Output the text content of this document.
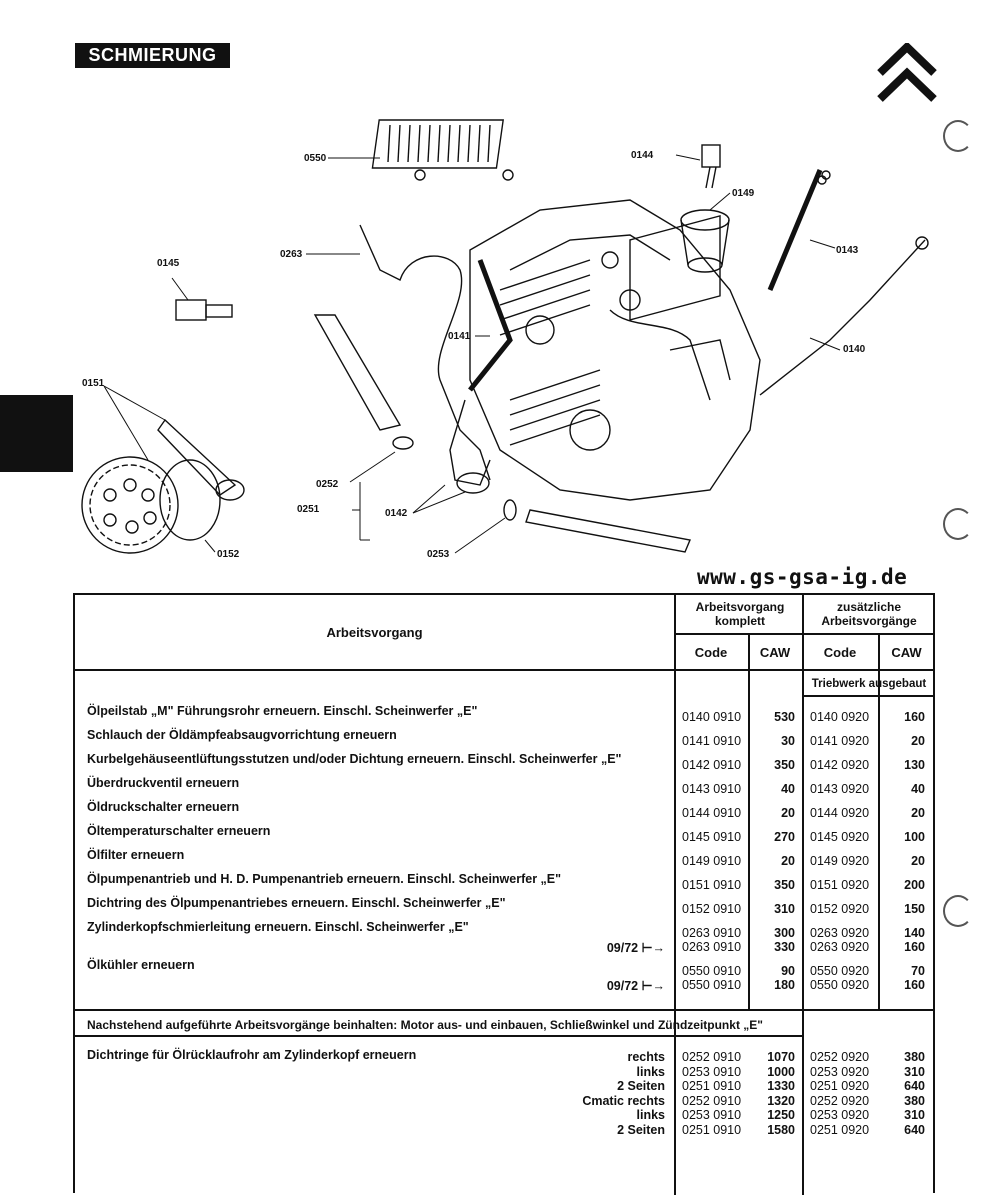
SCHMIERUNG
0550	0144
0149
0263	0143
0145
0141
0140
0151
0252
0251	0142
0152	0253
www.gs-gsa-ig.de
Arbeitsvorgang
Arbeitsvorgang komplett
zusätzliche Arbeitsvorgänge
Code	CAW	Code	CAW
Triebwerk ausgebaut
Ölpeilstab „M" Führungsrohr erneuern. Einschl. Scheinwerfer „E"	0140 0910	530 0140 0920	160
Schlauch der Öldämpfeabsaugvorrichtung erneuern	0141 0910	30 0141 0920	20
Kurbelgehäuseentlüftungsstutzen und/oder Dichtung erneuern. Einschl. Scheinwerfer „E"	0142 0910	350 0142 0920	130
Überdruckventil erneuern	0143 0910	40 0143 0920	40
Öldruckschalter erneuern	0144 0910	20 0144 0920	20
Öltemperaturschalter erneuern	0145 0910	270 0145 0920	100
Ölfilter erneuern	0149 0910	20 0149 0920	20
Ölpumpenantrieb und H. D. Pumpenantrieb erneuern. Einschl. Scheinwerfer „E"	0151 0910	350 0151 0920	200
Dichtring des Ölpumpenantriebes erneuern. Einschl. Scheinwerfer „E"	0152 0910	310 0152 0920	150
Zylinderkopfschmierleitung erneuern. Einschl. Scheinwerfer „E"	0263 0910	300 0263 0920	140
09/72 ⊢→ 0263 0910	330 0263 0920	160
Ölkühler erneuern	0550 0910	90 0550 0920	70
09/72 ⊢→ 0550 0910	180 0550 0920	160
Nachstehend aufgeführte Arbeitsvorgänge beinhalten: Motor aus- und einbauen, Schließwinkel und Zündzeitpunkt „E"
Dichtringe für Ölrücklaufrohr am Zylinderkopf erneuern	rechts 0252 0910	1070 0252 0920	380
links 0253 0910	1000 0253 0920	310
2 Seiten 0251 0910	1330 0251 0920	640
Cmatic rechts 0252 0910	1320 0252 0920	380
links 0253 0910	1250 0253 0920	310
2 Seiten 0251 0910	1580 0251 0920	640
